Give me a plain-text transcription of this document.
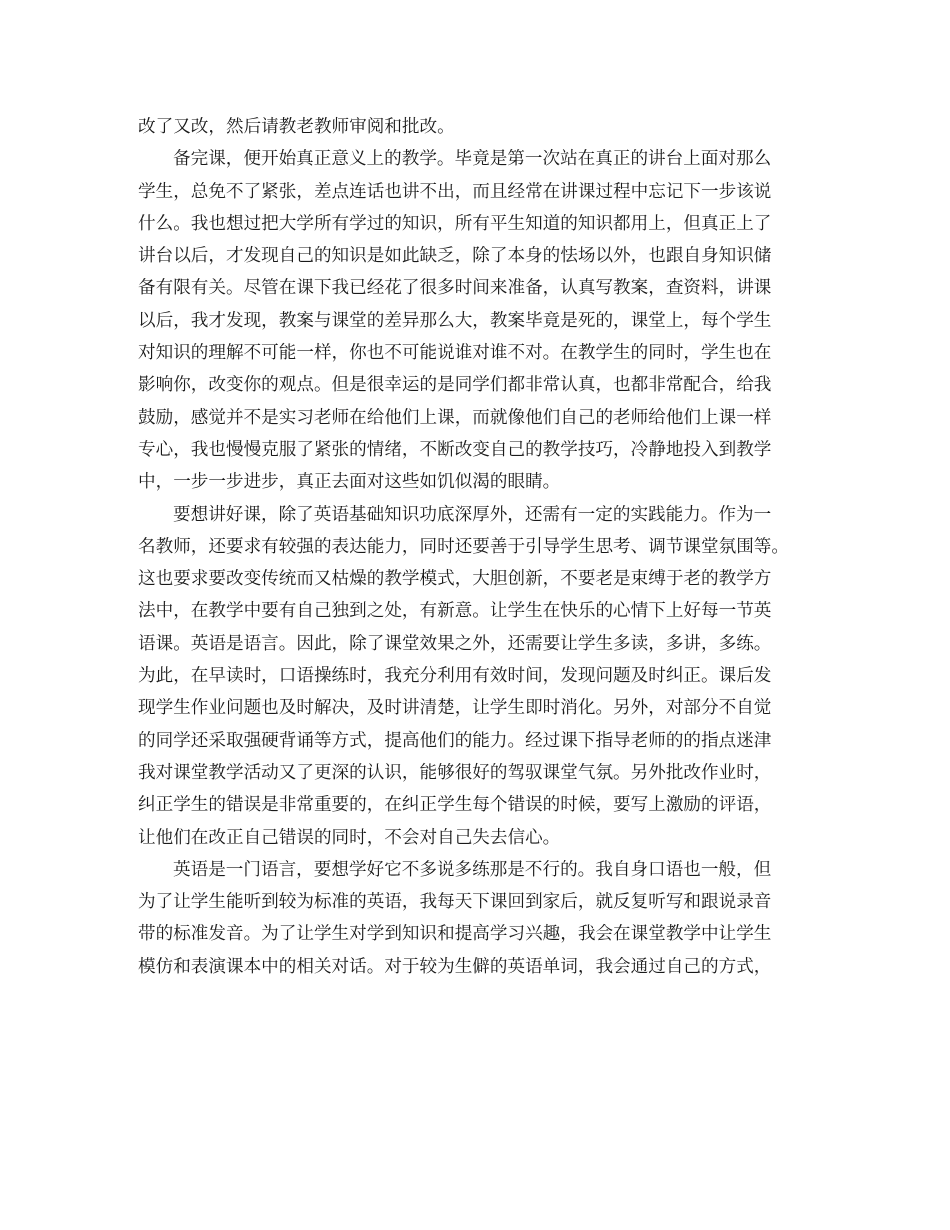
改了又改，然后请教老教师审阅和批改。
备完课，便开始真正意义上的教学。毕竟是第一次站在真正的讲台上面对那么
学生，总免不了紧张，差点连话也讲不出，而且经常在讲课过程中忘记下一步该说
什么。我也想过把大学所有学过的知识，所有平生知道的知识都用上，但真正上了
讲台以后，才发现自己的知识是如此缺乏，除了本身的怯场以外，也跟自身知识储
备有限有关。尽管在课下我已经花了很多时间来准备，认真写教案，查资料，讲课
以后，我才发现，教案与课堂的差异那么大，教案毕竟是死的，课堂上，每个学生
对知识的理解不可能一样，你也不可能说谁对谁不对。在教学生的同时，学生也在
影响你，改变你的观点。但是很幸运的是同学们都非常认真，也都非常配合，给我
鼓励，感觉并不是实习老师在给他们上课，而就像他们自己的老师给他们上课一样
专心，我也慢慢克服了紧张的情绪，不断改变自己的教学技巧，冷静地投入到教学
中，一步一步进步，真正去面对这些如饥似渴的眼睛。
要想讲好课，除了英语基础知识功底深厚外，还需有一定的实践能力。作为一
名教师，还要求有较强的表达能力，同时还要善于引导学生思考、调节课堂氛围等。
这也要求要改变传统而又枯燥的教学模式，大胆创新，不要老是束缚于老的教学方
法中，在教学中要有自己独到之处，有新意。让学生在快乐的心情下上好每一节英
语课。英语是语言。因此，除了课堂效果之外，还需要让学生多读，多讲，多练。
为此，在早读时，口语操练时，我充分利用有效时间，发现问题及时纠正。课后发
现学生作业问题也及时解决，及时讲清楚，让学生即时消化。另外，对部分不自觉
的同学还采取强硬背诵等方式，提高他们的能力。经过课下指导老师的的指点迷津
我对课堂教学活动又了更深的认识，能够很好的驾驭课堂气氛。另外批改作业时，
纠正学生的错误是非常重要的，在纠正学生每个错误的时候，要写上激励的评语，
让他们在改正自己错误的同时，不会对自己失去信心。
英语是一门语言，要想学好它不多说多练那是不行的。我自身口语也一般，但
为了让学生能听到较为标准的英语，我每天下课回到家后，就反复听写和跟说录音
带的标准发音。为了让学生对学到知识和提高学习兴趣，我会在课堂教学中让学生
模仿和表演课本中的相关对话。对于较为生僻的英语单词，我会通过自己的方式，
